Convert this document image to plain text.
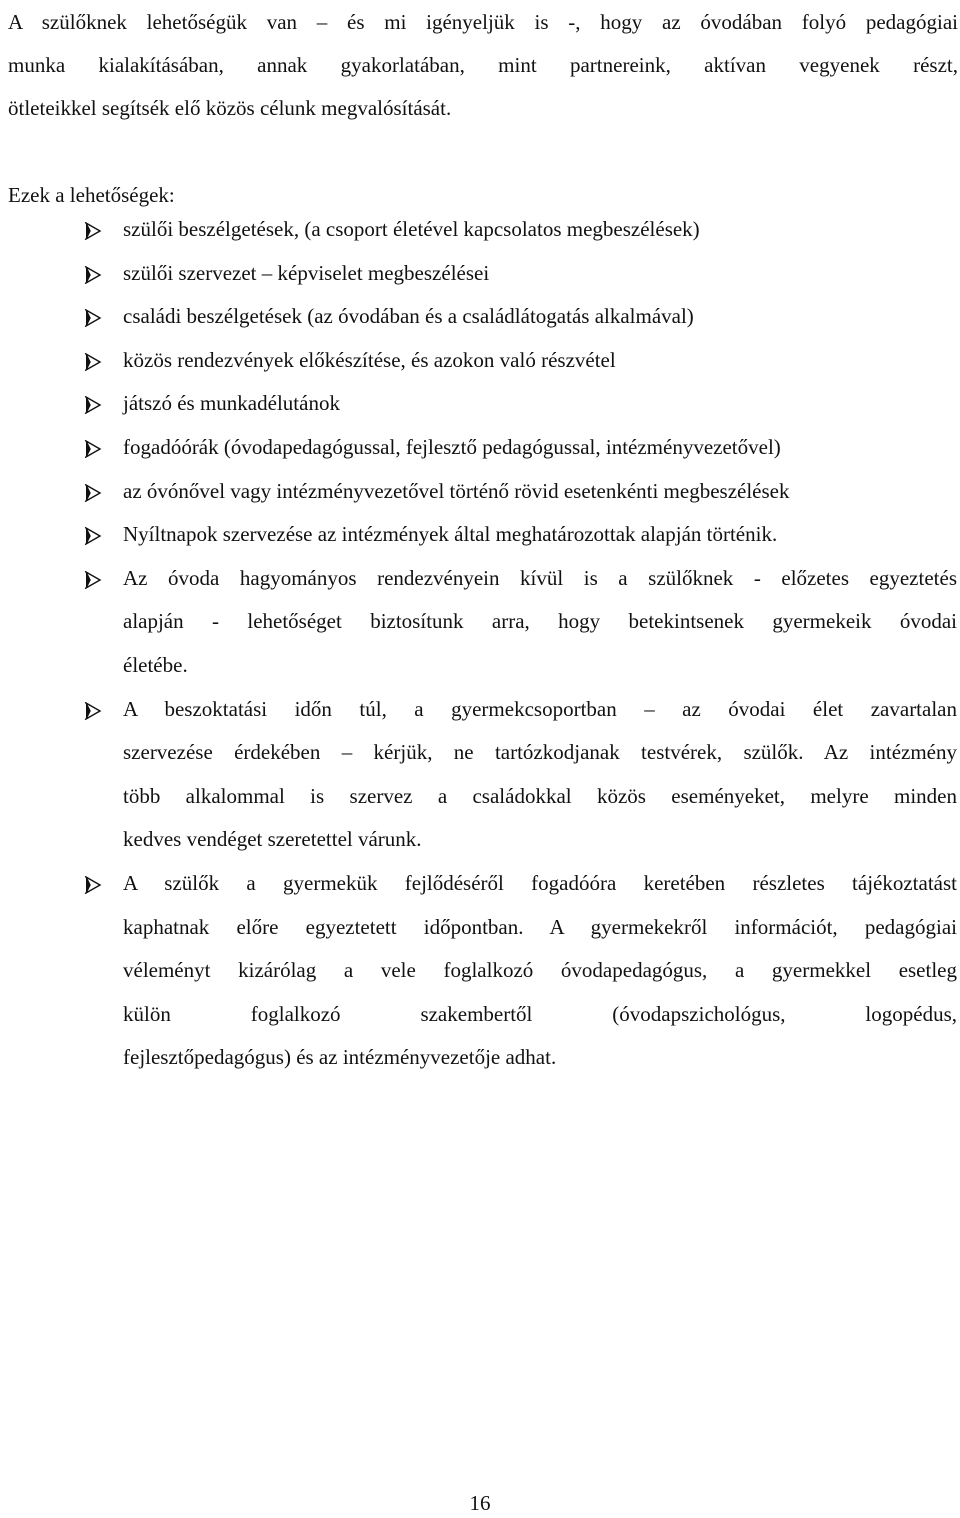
A szülőknek lehetőségük van – és mi igényeljük is -, hogy az óvodában folyó pedagógiai
munka kialakításában, annak gyakorlatában, mint partnereink, aktívan vegyenek részt,
ötleteikkel segítsék elő közös célunk megvalósítását.

Ezek a lehetőségek:

szülői beszélgetések, (a csoport életével kapcsolatos megbeszélések)
szülői szervezet – képviselet megbeszélései
családi beszélgetések (az óvodában és a családlátogatás alkalmával)
közös rendezvények előkészítése, és azokon való részvétel
játszó és munkadélutánok
fogadóórák (óvodapedagógussal, fejlesztő pedagógussal, intézményvezetővel)
az óvónővel vagy intézményvezetővel történő rövid esetenkénti megbeszélések
Nyíltnapok szervezése az intézmények által meghatározottak alapján történik.
Az óvoda hagyományos rendezvényein kívül is a szülőknek - előzetes egyeztetés
alapján - lehetőséget biztosítunk arra, hogy betekintsenek gyermekeik óvodai
életébe.
A beszoktatási időn túl, a gyermekcsoportban – az óvodai élet zavartalan
szervezése érdekében – kérjük, ne tartózkodjanak testvérek, szülők. Az intézmény
több alkalommal is szervez a családokkal közös eseményeket, melyre minden
kedves vendéget szeretettel várunk.
A szülők a gyermekük fejlődéséről fogadóóra keretében részletes tájékoztatást
kaphatnak előre egyeztetett időpontban. A gyermekekről információt, pedagógiai
véleményt kizárólag a vele foglalkozó óvodapedagógus, a gyermekkel esetleg
külön foglalkozó szakembertől (óvodapszichológus, logopédus,
fejlesztőpedagógus) és az intézményvezetője adhat.
16
